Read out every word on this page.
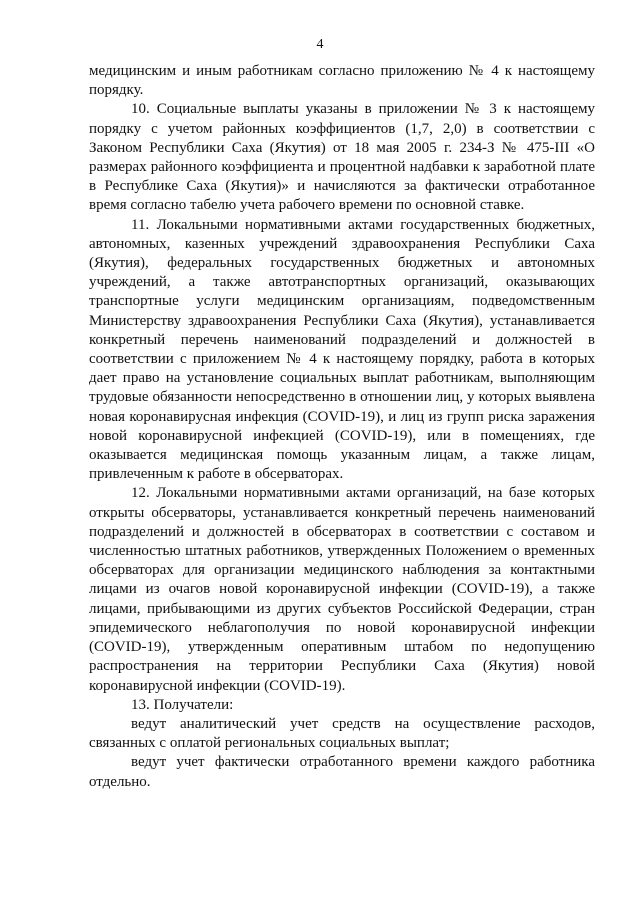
4

медицинским и иным работникам согласно приложению № 4 к настоящему порядку.

10. Социальные выплаты указаны в приложении № 3 к настоящему порядку с учетом районных коэффициентов (1,7, 2,0) в соответствии с Законом Республики Саха (Якутия) от 18 мая 2005 г. 234-З № 475-III «О размерах районного коэффициента и процентной надбавки к заработной плате в Республике Саха (Якутия)» и начисляются за фактически отработанное время согласно табелю учета рабочего времени по основной ставке.

11. Локальными нормативными актами государственных бюджетных, автономных, казенных учреждений здравоохранения Республики Саха (Якутия), федеральных государственных бюджетных и автономных учреждений, а также автотранспортных организаций, оказывающих транспортные услуги медицинским организациям, подведомственным Министерству здравоохранения Республики Саха (Якутия), устанавливается конкретный перечень наименований подразделений и должностей в соответствии с приложением № 4 к настоящему порядку, работа в которых дает право на установление социальных выплат работникам, выполняющим трудовые обязанности непосредственно в отношении лиц, у которых выявлена новая коронавирусная инфекция (COVID-19), и лиц из групп риска заражения новой коронавирусной инфекцией (COVID-19), или в помещениях, где оказывается медицинская помощь указанным лицам, а также лицам, привлеченным к работе в обсерваторах.

12. Локальными нормативными актами организаций, на базе которых открыты обсерваторы, устанавливается конкретный перечень наименований подразделений и должностей в обсерваторах в соответствии с составом и численностью штатных работников, утвержденных Положением о временных обсерваторах для организации медицинского наблюдения за контактными лицами из очагов новой коронавирусной инфекции (COVID-19), а также лицами, прибывающими из других субъектов Российской Федерации, стран эпидемического неблагополучия по новой коронавирусной инфекции (COVID-19), утвержденным оперативным штабом по недопущению распространения на территории Республики Саха (Якутия) новой коронавирусной инфекции (COVID-19).

13. Получатели:

ведут аналитический учет средств на осуществление расходов, связанных с оплатой региональных социальных выплат;

ведут учет фактически отработанного времени каждого работника отдельно.
